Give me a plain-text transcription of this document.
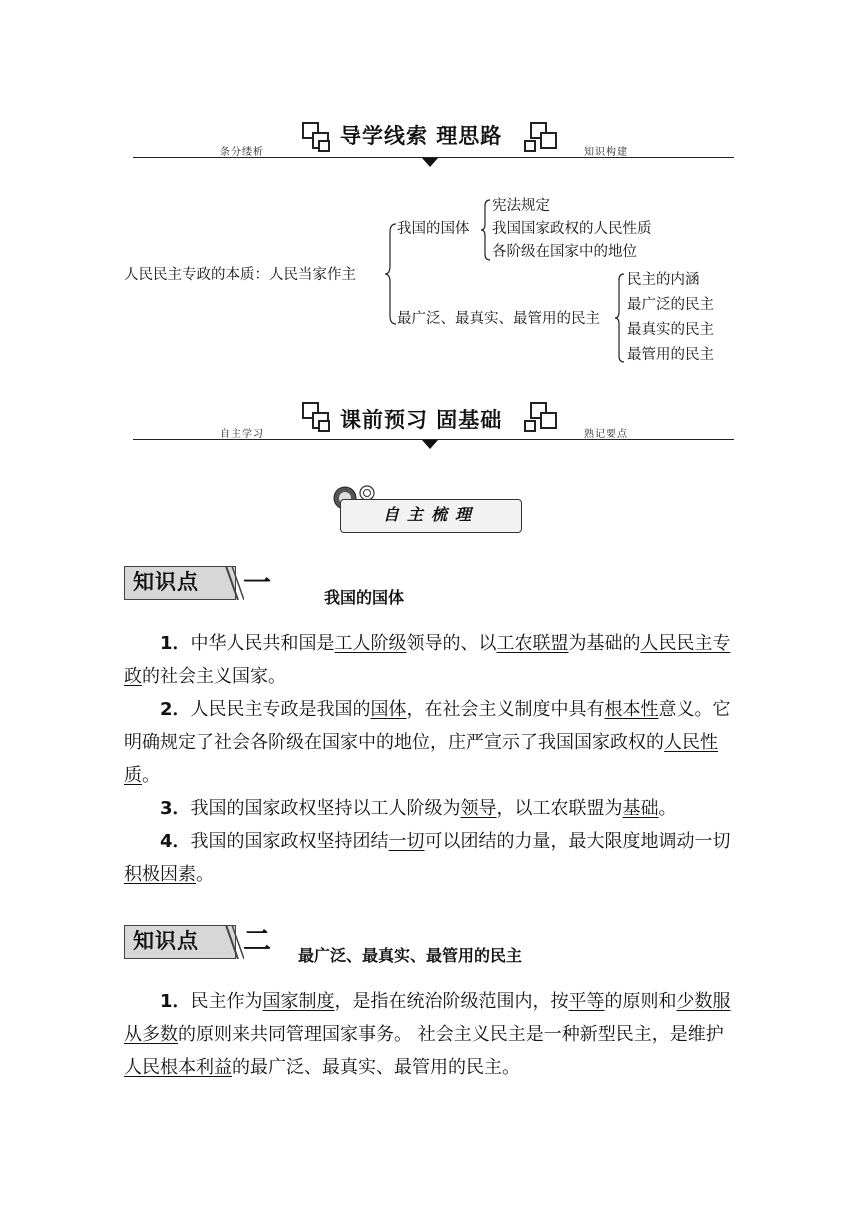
导学线索 理思路
条分缕析	知识构建
人民民主专政的本质：人民当家作主
我国的国体
宪法规定
我国国家政权的人民性质
各阶级在国家中的地位
最广泛、最真实、最管用的民主
民主的内涵
最广泛的民主
最真实的民主
最管用的民主
课前预习 固基础
自主学习	熟记要点
自主梳理
知识点	一	我国的国体
1．中华人民共和国是工人阶级领导的、以工农联盟为基础的人民民主专政的社会主义国家。
2．人民民主专政是我国的国体，在社会主义制度中具有根本性意义。它明确规定了社会各阶级在国家中的地位，庄严宣示了我国国家政权的人民性质。
3．我国的国家政权坚持以工人阶级为领导，以工农联盟为基础。
4．我国的国家政权坚持团结一切可以团结的力量，最大限度地调动一切积极因素。
知识点	二 最广泛、最真实、最管用的民主
1．民主作为国家制度，是指在统治阶级范围内，按平等的原则和少数服从多数的原则来共同管理国家事务。 社会主义民主是一种新型民主，是维护人民根本利益的最广泛、最真实、最管用的民主。
